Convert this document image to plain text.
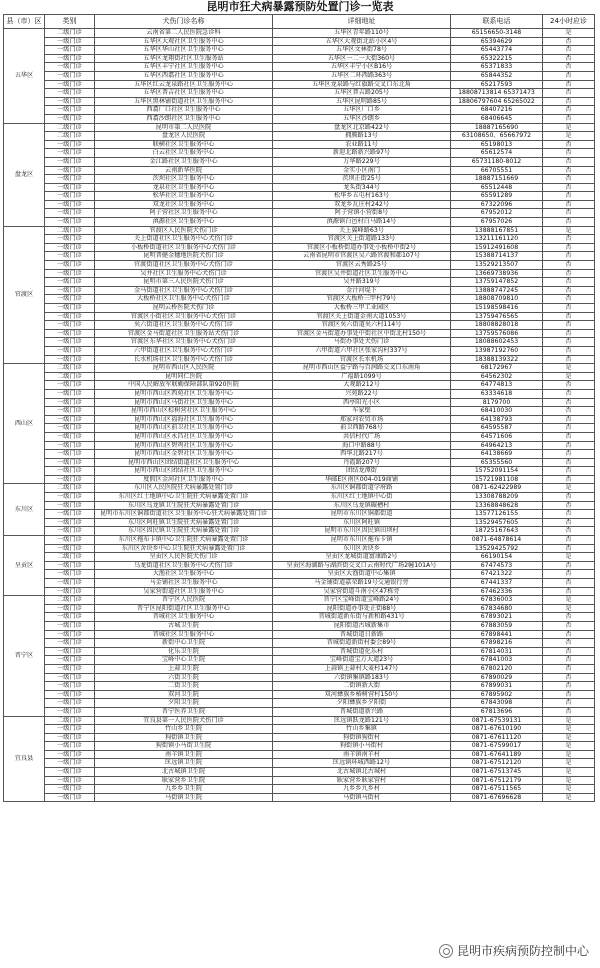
昆明市狂犬病暴露预防处置门诊一览表
县（市）区	类别	犬伤门诊名称	详细地址	联系电话	24小时应诊
五华区	二级门诊	云南省第二人民医院急诊科	五华区青年路110号	65156650-3148	是
	一级门诊	五华区大观社区卫生服务中心	五华区大观街北站小区4号	65394629	否
	一级门诊	五华区华山社区卫生服务中心	五华区文林街78号	65443774	否
	一级门诊	五华区龙翔街社区卫生服务站	五华区一二一大街360号	65322215	否
	一级门诊	五华区丰宁社区卫生服务中心	五华区丰宁小区B16号	65371833	否
	一级门诊	五华区西翥社区卫生服务中心	五华区二环西路363号	65844352	否
	一级门诊	五华区红云龙泉路社区卫生服务中心	五华区龙泉路与红旗路交叉口东北角	65217593	否
	一级门诊	五华区普吉社区卫生服务中心	五华区普吉路205号	18808713814 65371473	否
	一级门诊	五华区黑林铺街道社区卫生服务中心	五华区昆明路85号	18806797604 65265022	否
	一级门诊	西翥厂口社区卫生服务中心	五华区厂口乡	68407216	否
	一级门诊	西翥沙朗社区卫生服务中心	五华区沙朗乡	68406645	否
盘龙区	二级门诊	昆明市第二人民医院	盘龙区北京路422号	18887165690	是
	二级门诊	盘龙区人民医院	拥腾路13号	63108650、65667972	是
	一级门诊	联横社区卫生服务中心	农业路11号	65198013	否
	一级门诊	白云社区卫生服务中心	新迎北路新兴路97号	65612574	否
	一级门诊	金江路社区卫生服务中心	万华路229号	65731180-8012	否
	一级门诊	云南新华医院	金实小区南门	66705551	否
	一级门诊	茨坝社区卫生服务中心	茨坝正街25号	18887151669	否
	一级门诊	龙泉社区卫生服务中心	龙头街344号	65512448	否
	一级门诊	松华社区卫生服务中心	松华乡五屯村163号	65591289	否
	一级门诊	双龙社区卫生服务中心	双龙乡瓦庄村242号	67322096	否
	一级门诊	阿子营社区卫生服务中心	阿子营镇小营街8号	67952012	否
	一级门诊	滇源社区卫生服务中心	滇源镇白邑村白马路14号	67957026	否
官渡区	二级门诊	官渡区人民医院犬伤门诊	关上翼峰路63号	13888167851	是
	一级门诊	关上街道社区卫生服务中心犬伤门诊	官渡区关上街道路133号	13211161120	否
	一级门诊	小板桥街道社区卫生服务中心犬伤门诊	官渡区小板桥街道办事处小板桥中街2号	15912491608	否
	一级门诊	昆明普健金穗地医院犬伤门诊	云南省昆明市官渡区吴六路官渡和郡107号	15388714137	否
	一级门诊	官渡街道社区卫生服务中心犬伤门诊	官渡区云秀路25号	13529213507	否
	一级门诊	吴井社区卫生服务中心犬伤门诊	官渡区吴井街道社区卫生服务中心	13669738936	否
	一级门诊	昆明市第三人民医院犬伤门诊	吴井路319号	13759147852	否
	一级门诊	金马街道社区卫生服务中心犬伤门诊	金汁河堤下	13888747245	否
	一级门诊	大板桥社区卫生服务中心犬伤门诊	官渡区大板桥三甲村79号	18808709810	否
	一级门诊	昆明云桥医院犬伤门诊	大板桥三甲工业园区	15198598416	否
	一级门诊	官渡区小街社区卫生服务中心犬伤门诊	官渡区关上街道金南大道1053号	13759476565	否
	一级门诊	矣六街道社区卫生服务中心犬伤门诊	官渡区矣六街道矣六村114号	18808828018	否
	一级门诊	官渡区金马街道社区卫生服务站犬伤门诊	官渡区金马街道办事处中街社区中街北村150号	13759576086	否
	一级门诊	官渡区东华社区卫生服务中心犬伤门诊	马街办事处犬伤门诊	18088602453	否
	一级门诊	六甲街道社区卫生服务中心犬伤门诊	六甲街道六甲社区张家沟村337号	13987192760	否
	一级门诊	长水机场社区卫生服务中心犬伤门诊	官渡区长水机场	18388139322	否
西山区	二级门诊	昆明市西山区人民医院	昆明市西山区益宁路与百润路交叉口东南角	68172967	是
	二级门诊	昆明同仁医院	广福路1099号	64562302	是
	一级门诊	中国人民解放军联勤保障部队第920医院	大观路212号	64774813	否
	一级门诊	昆明市西山区西苑社区卫生服务中心	兴苑路22号	63334618	否
	一级门诊	昆明市西山区马街社区卫生服务中心	西亭阳光小区	8179700	否
	一级门诊	昆明市西山区棕树营社区卫生服务中心	车家壁	68410030	否
	一级门诊	昆明市西山区福海社区卫生服务中心	郑家河农贸市场	64138793	否
	一级门诊	昆明市西山区前卫社区卫生服务中心	前卫西路768号	64595587	否
	一级门诊	昆明市西山区永昌社区卫生服务中心	共信村代广场	64571606	否
	一级门诊	昆明市西山区碧鸡社区卫生服务中心	海口中路88号	64964213	否
	一级门诊	昆明市西山区金碧社区卫生服务中心	西华北路217号	64138669	否
	一级门诊	昆明市西山区团结街道社区卫生服务中心	丹霞路207号	65355560	否
	一级门诊	昆明市西山区团结社区卫生服务中心	团结龙潭街	15752091154	否
	一级门诊	度假区金河社区卫生服务中心	华邮E区南区004-019商铺	15721981108	否
东川区	二级门诊	东川区人民医院狂犬病暴露处置门诊	东川区铜都街道学府路	0871-62422989	是
	一级门诊	东川区红土地镇中心卫生院狂犬病暴露处置门诊	东川区红土地镇中心街	13308788209	否
	一级门诊	东川区乌龙镇卫生院狂犬病暴露处置门诊	东川区乌龙镇碾槽村	13368848628	否
	一级门诊	昆明市东川区铜都街道社区卫生服务中心狂犬病暴露处置门诊	昆明市东川区铜都街道	13577126155	否
	一级门诊	东川区阿旺镇卫生院狂犬病暴露处置门诊	东川区阿旺镇	13529457605	否
	一级门诊	东川区因民镇卫生院狂犬病暴露处置门诊	昆明市东川区因民镇田坝村	18725167643	否
呈贡区	一级门诊	东川区拖布卡镇中心卫生院狂犬病暴露处置门诊	昆明市东川区拖布卡镇	0871-64878614	否
	一级门诊	东川区舍块乡中心卫生院狂犬病暴露处置门诊	东川区舍块乡	13529425792	否
	二级门诊	呈贡区人民医院犬伤门诊	呈贡区龙城街道富康路2号	66190154	是
	一级门诊	乌龙街道社区卫生服务中心犬伤门诊	呈贡区海湖路与湖滨街交叉口云南时代广场2幢101A号	67474573	否
	一级门诊	大渔社区卫生服务中心	呈贡区大渔街道中心集镇	67421322	否
	一级门诊	马金铺社区卫生服务中心	马金铺街道嘉荣路19号交通银行旁	67441337	否
	一级门诊	吴家营街道社区卫生服务中心	吴家营街道斗南小区47栋旁	67462336	否
晋宁区	二级门诊	晋宁区人民医院	晋宁区宝峰街道宝峰路24号	67836003	是
	一级门诊	晋宁区昆阳街道社区卫生服务中心	昆阳街道办事处正街88号	67834680	是
	一级门诊	晋城社区卫生服务中心	晋城街道新东街与新和路431号	67893021	否
	一级门诊	古城卫生院	昆阳街道古城新集市	67883059	否
	一级门诊	晋城社区卫生服务中心	晋城街道日新路	67898441	否
	一级门诊	新街中心卫生院	晋城街道新街村委会89号	67898216	否
	一级门诊	化乐卫生院	晋城街道化乐村	67814031	否
	一级门诊	宝峰中心卫生院	宝峰街道宝万大道23号	67841003	否
	一级门诊	上蒜卫生院	上蒜镇上蒜村大麦村147号	67802120	否
	一级门诊	六街卫生院	六街镇集镇路183号	67890029	否
	一级门诊	二街卫生院	二街镇新大街	67899031	否
	一级门诊	双河卫生院	双河彝族乡椿树营村150号	67895902	否
	一级门诊	夕阳卫生院	夕阳彝族乡夕阳街	67843098	否
	一级门诊	晋宁医养卫生院	晋城街道新兴路	67813696	否
宜良县	二级门诊	宜良县第一人民医院犬伤门诊	匡远镇跃龙路121号	0871-67539131	是
	一级门诊	竹山乡卫生院	竹山乡集镇	0871-67610190	是
	一级门诊	狗街镇卫生院	狗街镇狗街村	0871-67611120	是
	一级门诊	狗街镇小马街卫生院	狗街镇小马街村	0871-67599017	是
	一级门诊	南羊镇卫生院	南羊镇南羊村	0871-67641189	是
	一级门诊	匡远镇卫生院	匡远镇环城西路12号	0871-67512120	是
	一级门诊	北古城镇卫生院	北古城镇北古城村	0871-67513745	是
	一级门诊	耿家营乡卫生院	耿家营乡耿家营村	0871-67512179	是
	一级门诊	九乡乡卫生院	九乡乡九乡村	0871-67511565	是
	一级门诊	马街镇卫生院	马街镇马街村	0871-67696628	是
昆明市疾病预防控制中心
